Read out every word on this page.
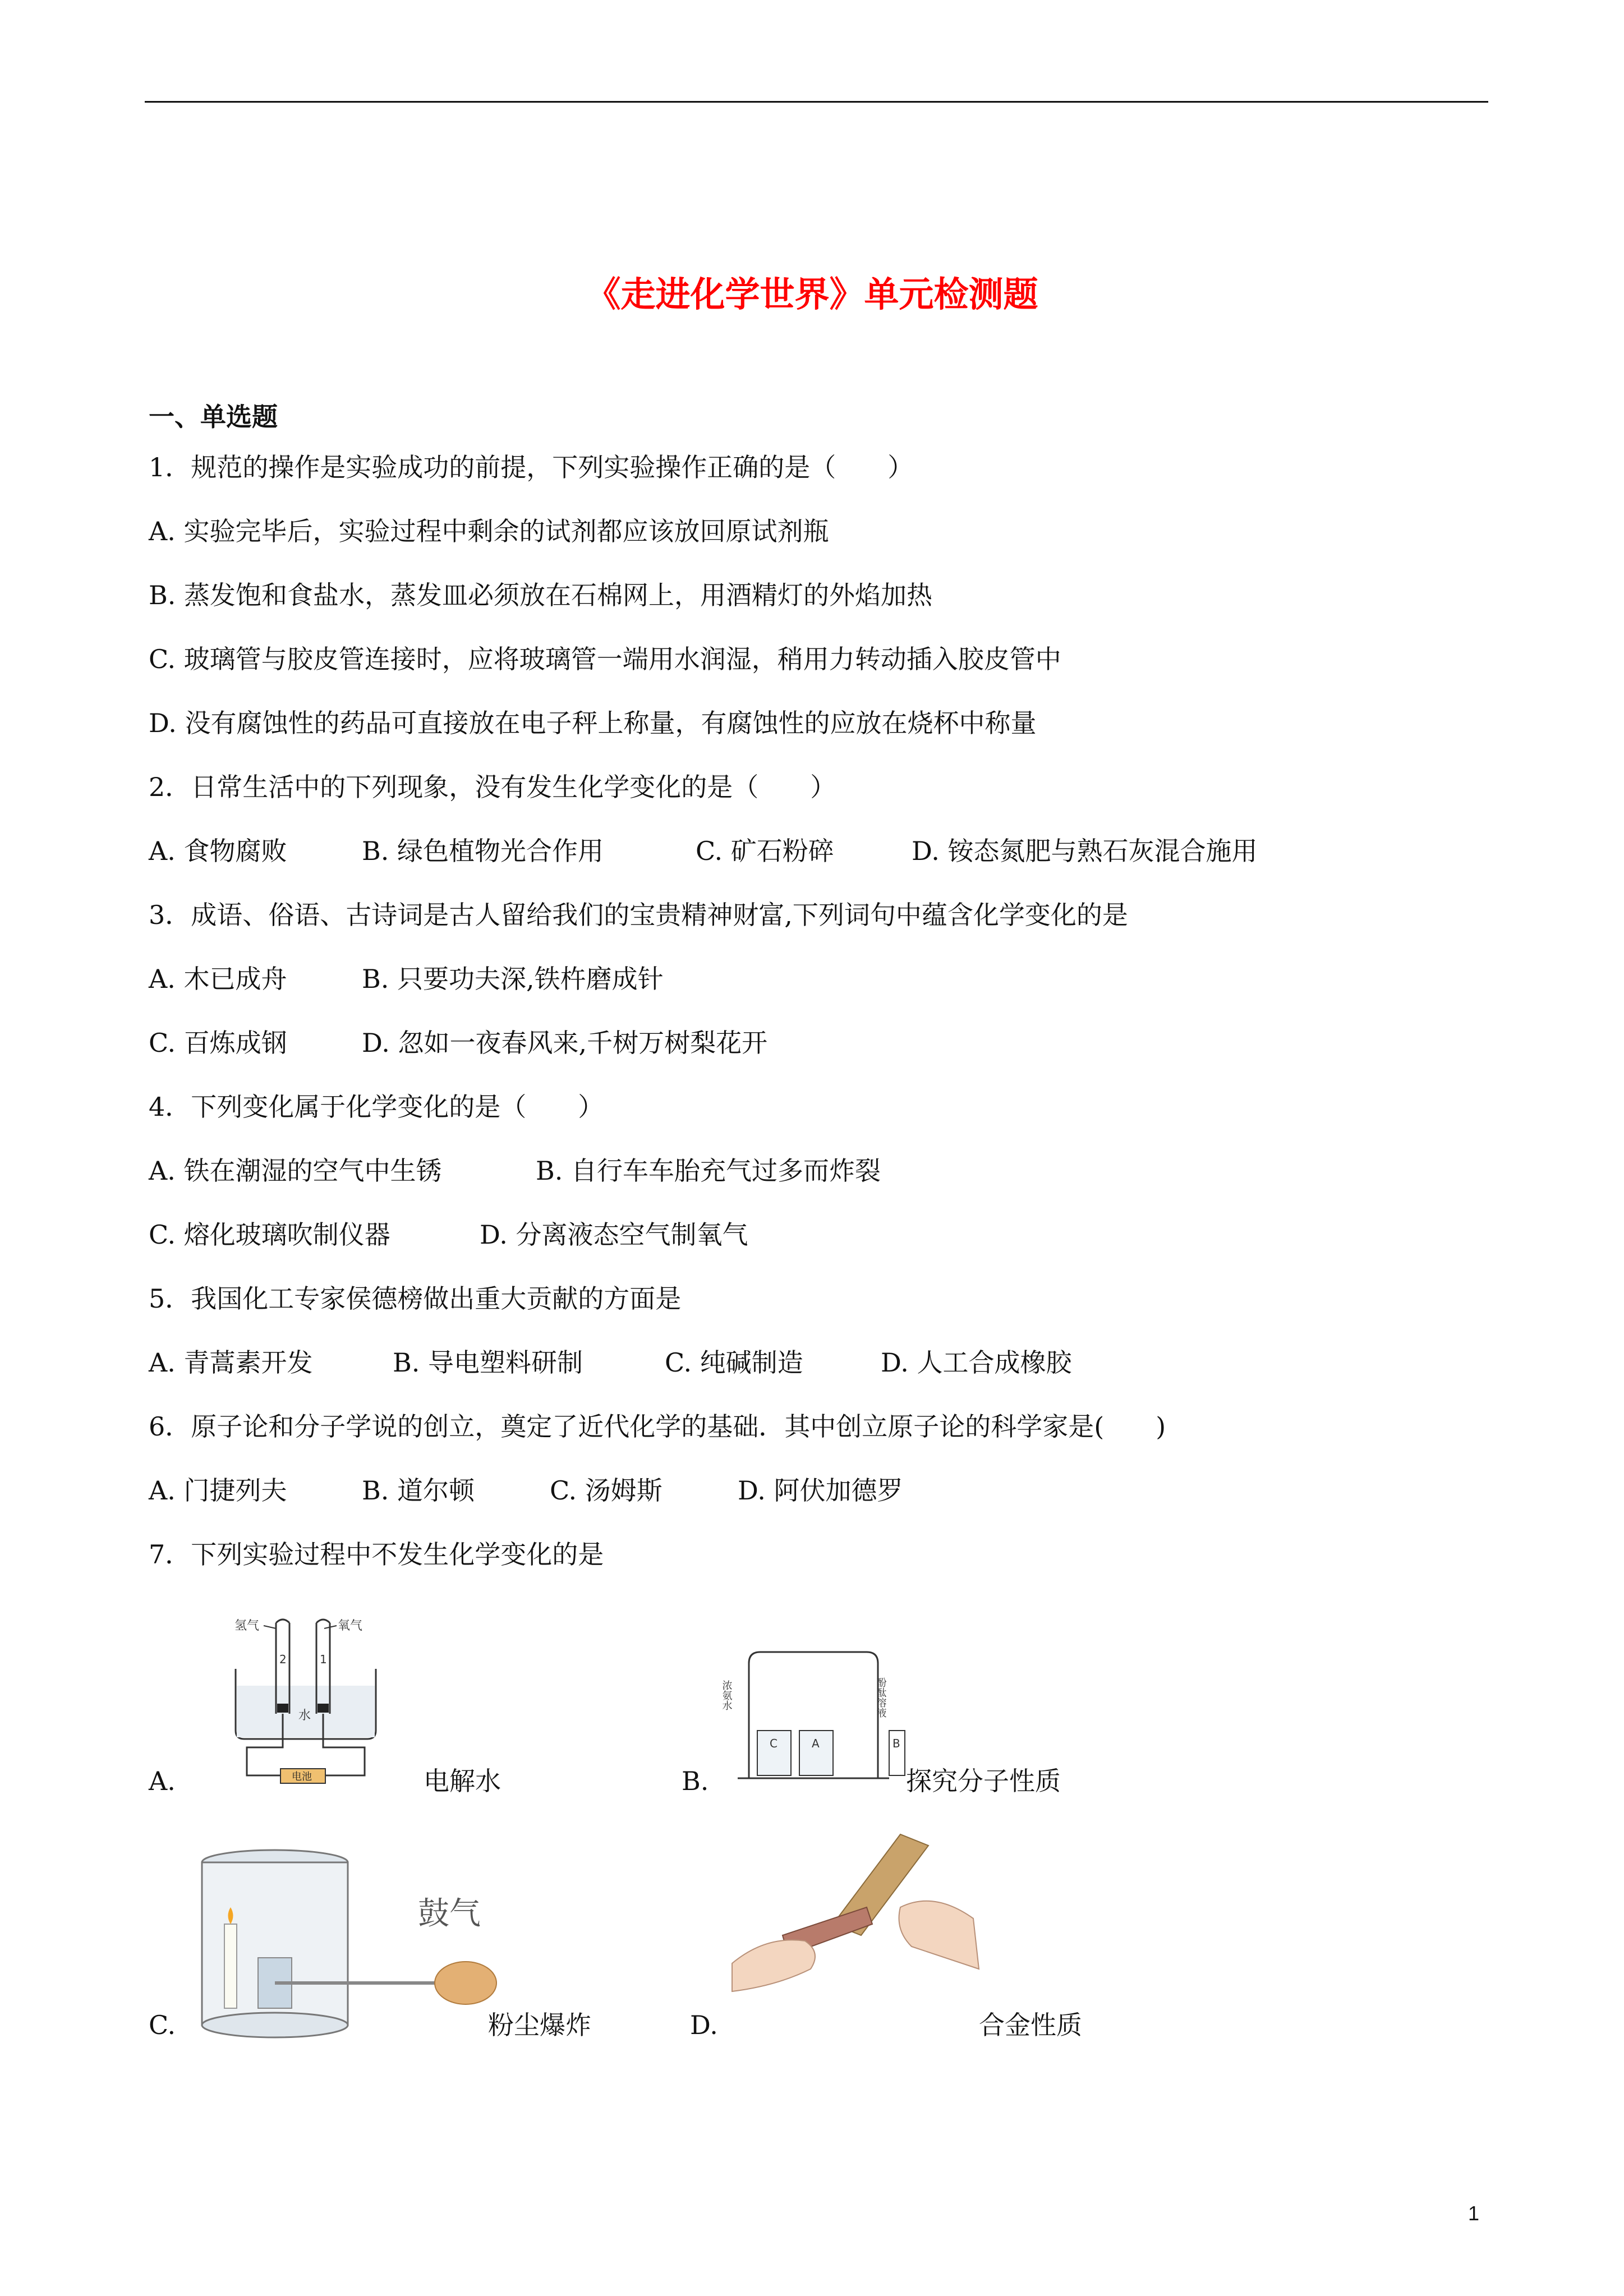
《走进化学世界》单元检测题
一、单选题
1．规范的操作是实验成功的前提，下列实验操作正确的是（　　）
A. 实验完毕后，实验过程中剩余的试剂都应该放回原试剂瓶
B. 蒸发饱和食盐水，蒸发皿必须放在石棉网上，用酒精灯的外焰加热
C. 玻璃管与胶皮管连接时，应将玻璃管一端用水润湿，稍用力转动插入胶皮管中
D. 没有腐蚀性的药品可直接放在电子秤上称量，有腐蚀性的应放在烧杯中称量
2．日常生活中的下列现象，没有发生化学变化的是（　　）
A. 食物腐败	B. 绿色植物光合作用	C. 矿石粉碎	D. 铵态氮肥与熟石灰混合施用
3．成语、俗语、古诗词是古人留给我们的宝贵精神财富,下列词句中蕴含化学变化的是
A. 木已成舟	B. 只要功夫深,铁杵磨成针
C. 百炼成钢	D. 忽如一夜春风来,千树万树梨花开
4．下列变化属于化学变化的是（　　）
A. 铁在潮湿的空气中生锈	B. 自行车车胎充气过多而炸裂
C. 熔化玻璃吹制仪器	D. 分离液态空气制氧气
5．我国化工专家侯德榜做出重大贡献的方面是
A. 青蒿素开发	B. 导电塑料研制	C. 纯碱制造	D. 人工合成橡胶
6．原子论和分子学说的创立，奠定了近代化学的基础．其中创立原子论的科学家是(　　)
A. 门捷列夫	B. 道尔顿	C. 汤姆斯	D. 阿伏加德罗
7．下列实验过程中不发生化学变化的是
A.
氢气	氧气
2	1
水
电池	电解水	B.
浓氨水	酚酞溶液
C	A	B
探究分子性质
C.
鼓气
粉尘爆炸	D.	合金性质
1
